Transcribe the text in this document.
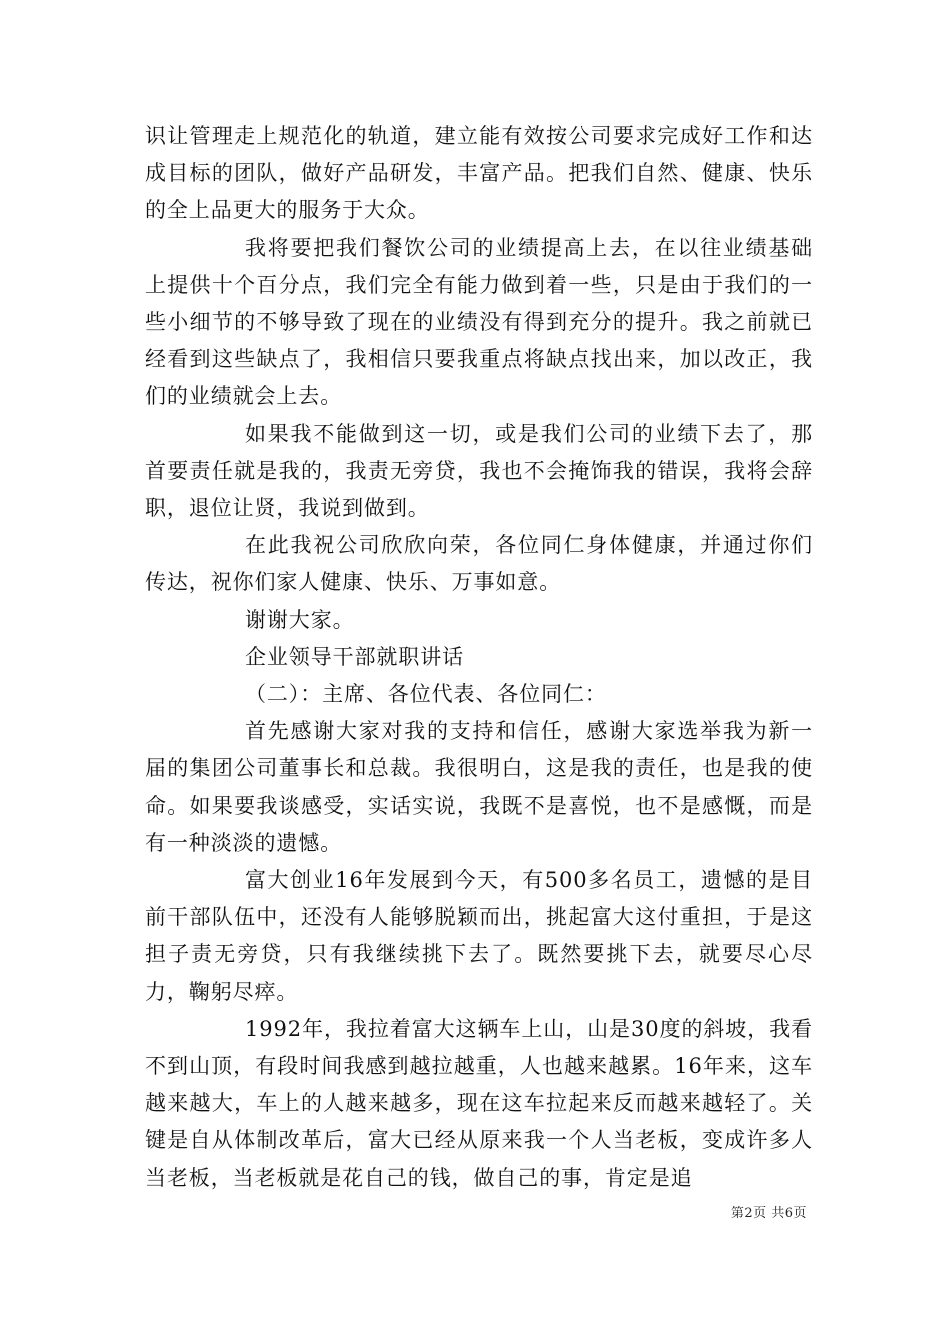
识让管理走上规范化的轨道，建立能有效按公司要求完成好工作和达成目标的团队，做好产品研发，丰富产品。把我们自然、健康、快乐的全上品更大的服务于大众。

我将要把我们餐饮公司的业绩提高上去，在以往业绩基础上提供十个百分点，我们完全有能力做到着一些，只是由于我们的一些小细节的不够导致了现在的业绩没有得到充分的提升。我之前就已经看到这些缺点了，我相信只要我重点将缺点找出来，加以改正，我们的业绩就会上去。

如果我不能做到这一切，或是我们公司的业绩下去了，那首要责任就是我的，我责无旁贷，我也不会掩饰我的错误，我将会辞职，退位让贤，我说到做到。

在此我祝公司欣欣向荣，各位同仁身体健康，并通过你们传达，祝你们家人健康、快乐、万事如意。

谢谢大家。

企业领导干部就职讲话

（二）：主席、各位代表、各位同仁：

首先感谢大家对我的支持和信任，感谢大家选举我为新一届的集团公司董事长和总裁。我很明白，这是我的责任，也是我的使命。如果要我谈感受，实话实说，我既不是喜悦，也不是感慨，而是有一种淡淡的遗憾。

富大创业16年发展到今天，有500多名员工，遗憾的是目前干部队伍中，还没有人能够脱颖而出，挑起富大这付重担，于是这担子责无旁贷，只有我继续挑下去了。既然要挑下去，就要尽心尽力，鞠躬尽瘁。

1992年，我拉着富大这辆车上山，山是30度的斜坡，我看不到山顶，有段时间我感到越拉越重，人也越来越累。16年来，这车越来越大，车上的人越来越多，现在这车拉起来反而越来越轻了。关键是自从体制改革后，富大已经从原来我一个人当老板，变成许多人当老板，当老板就是花自己的钱，做自己的事，肯定是追

第2页 共6页
